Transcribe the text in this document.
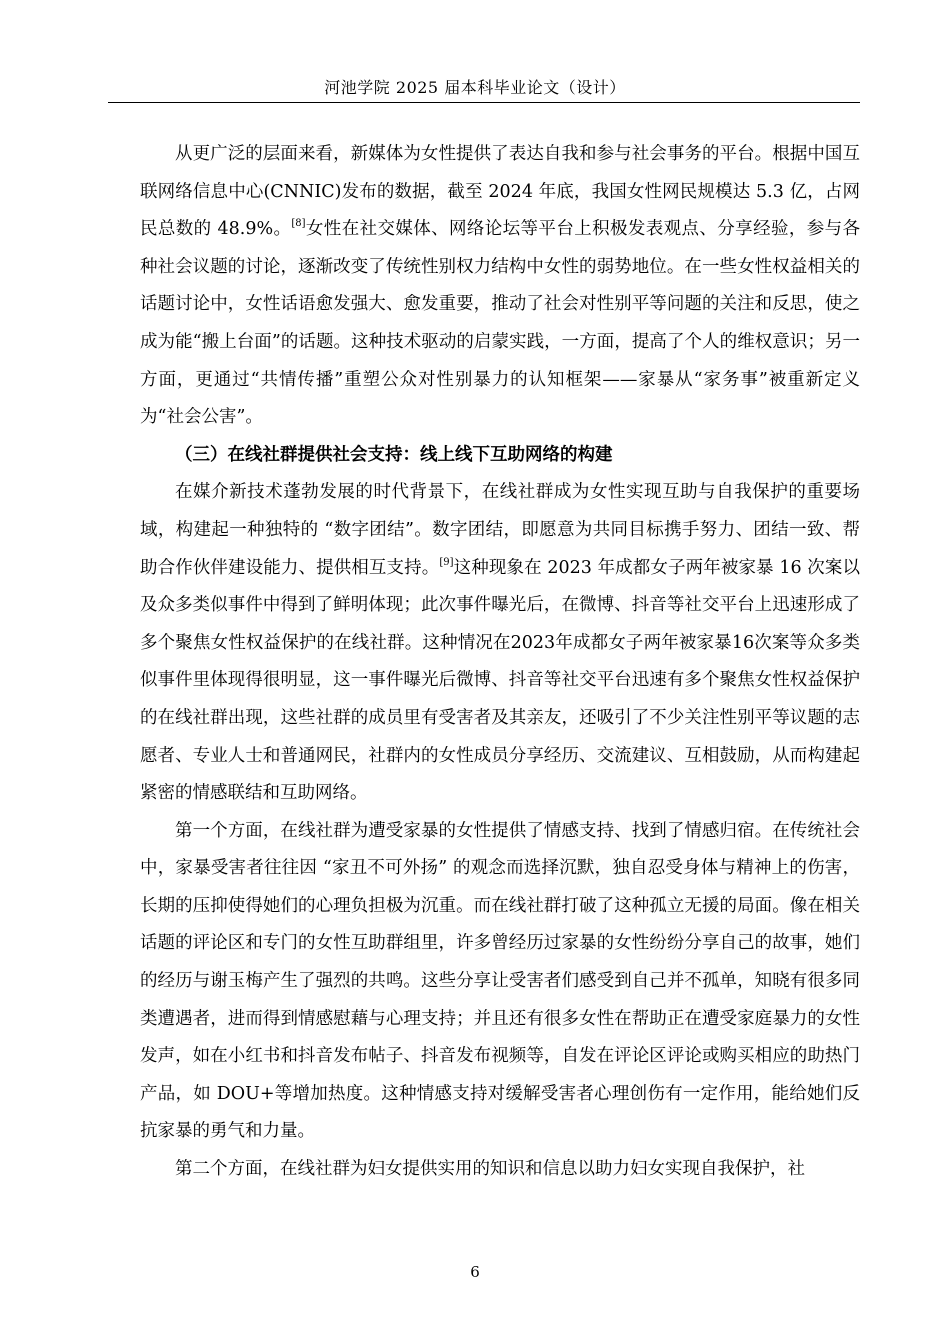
河池学院 2025 届本科毕业论文（设计）

从更广泛的层面来看，新媒体为女性提供了表达自我和参与社会事务的平台。根据中国互联网络信息中心(CNNIC)发布的数据，截至 2024 年底，我国女性网民规模达 5.3 亿，占网民总数的 48.9%。[8]女性在社交媒体、网络论坛等平台上积极发表观点、分享经验，参与各种社会议题的讨论，逐渐改变了传统性别权力结构中女性的弱势地位。在一些女性权益相关的话题讨论中，女性话语愈发强大、愈发重要，推动了社会对性别平等问题的关注和反思，使之成为能“搬上台面”的话题。这种技术驱动的启蒙实践，一方面，提高了个人的维权意识；另一方面，更通过“共情传播”重塑公众对性别暴力的认知框架——家暴从“家务事”被重新定义为“社会公害”。

（三）在线社群提供社会支持：线上线下互助网络的构建

在媒介新技术蓬勃发展的时代背景下，在线社群成为女性实现互助与自我保护的重要场域，构建起一种独特的 “数字团结”。数字团结，即愿意为共同目标携手努力、团结一致、帮助合作伙伴建设能力、提供相互支持。[9]这种现象在 2023 年成都女子两年被家暴 16 次案以及众多类似事件中得到了鲜明体现；此次事件曝光后，在微博、抖音等社交平台上迅速形成了多个聚焦女性权益保护的在线社群。这种情况在2023年成都女子两年被家暴16次案等众多类似事件里体现得很明显，这一事件曝光后微博、抖音等社交平台迅速有多个聚焦女性权益保护的在线社群出现，这些社群的成员里有受害者及其亲友，还吸引了不少关注性别平等议题的志愿者、专业人士和普通网民，社群内的女性成员分享经历、交流建议、互相鼓励，从而构建起紧密的情感联结和互助网络。

第一个方面，在线社群为遭受家暴的女性提供了情感支持、找到了情感归宿。在传统社会中，家暴受害者往往因 “家丑不可外扬” 的观念而选择沉默，独自忍受身体与精神上的伤害，长期的压抑使得她们的心理负担极为沉重。而在线社群打破了这种孤立无援的局面。像在相关话题的评论区和专门的女性互助群组里，许多曾经历过家暴的女性纷纷分享自己的故事，她们的经历与谢玉梅产生了强烈的共鸣。这些分享让受害者们感受到自己并不孤单，知晓有很多同类遭遇者，进而得到情感慰藉与心理支持；并且还有很多女性在帮助正在遭受家庭暴力的女性发声，如在小红书和抖音发布帖子、抖音发布视频等，自发在评论区评论或购买相应的助热门产品，如 DOU+等增加热度。这种情感支持对缓解受害者心理创伤有一定作用，能给她们反抗家暴的勇气和力量。

第二个方面，在线社群为妇女提供实用的知识和信息以助力妇女实现自我保护，社

6
